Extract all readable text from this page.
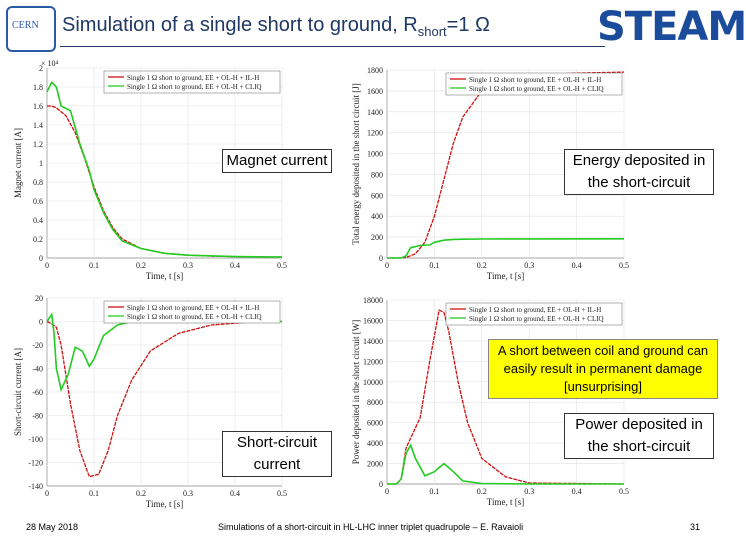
CERN Simulation of a single short to ground, $R_{short}=1$ Ω	STEAM
0
0.2
0.4
0.6
0.8
1
1.2
1.4
1.6
1.8
2
0	0.1	0.2	0.3	0.4	0.5
Time, t [s]
Magnet current [A]
× 10⁴
Single 1 Ω short to ground, EE + OL-H + IL-H
Single 1 Ω short to ground, EE + OL-H + CLIQ
0
200
400
600
800
1000
1200
1400
1600
1800
0	0.1	0.2	0.3	0.4	0.5
Time, t [s]
Total energy deposited in the short circuit [J]
Single 1 Ω short to ground, EE + OL-H + IL-H
Single 1 Ω short to ground, EE + OL-H + CLIQ
20
0
-20
-40
-60
-80
-100
-120
-140
0	0.1	0.2	0.3	0.4	0.5
Time, t [s]
Short-circuit current [A]
Single 1 Ω short to ground, EE + OL-H + IL-H
Single 1 Ω short to ground, EE + OL-H + CLIQ
0
2000
4000
6000
8000
10000
12000
14000
16000
18000
0	0.1	0.2	0.3	0.4	0.5
Time, t [s]
Power deposited in the short circuit [W]
Single 1 Ω short to ground, EE + OL-H + IL-H
Single 1 Ω short to ground, EE + OL-H + CLIQ
Magnet current	Energy deposited in the short-circuit
Short-circuit current
Power deposited in the short-circuit
A short between coil and ground can easily result in permanent damage [unsurprising]
28 May 2018	Simulations of a short-circuit in HL-LHC inner triplet quadrupole – E. Ravaioli	31
